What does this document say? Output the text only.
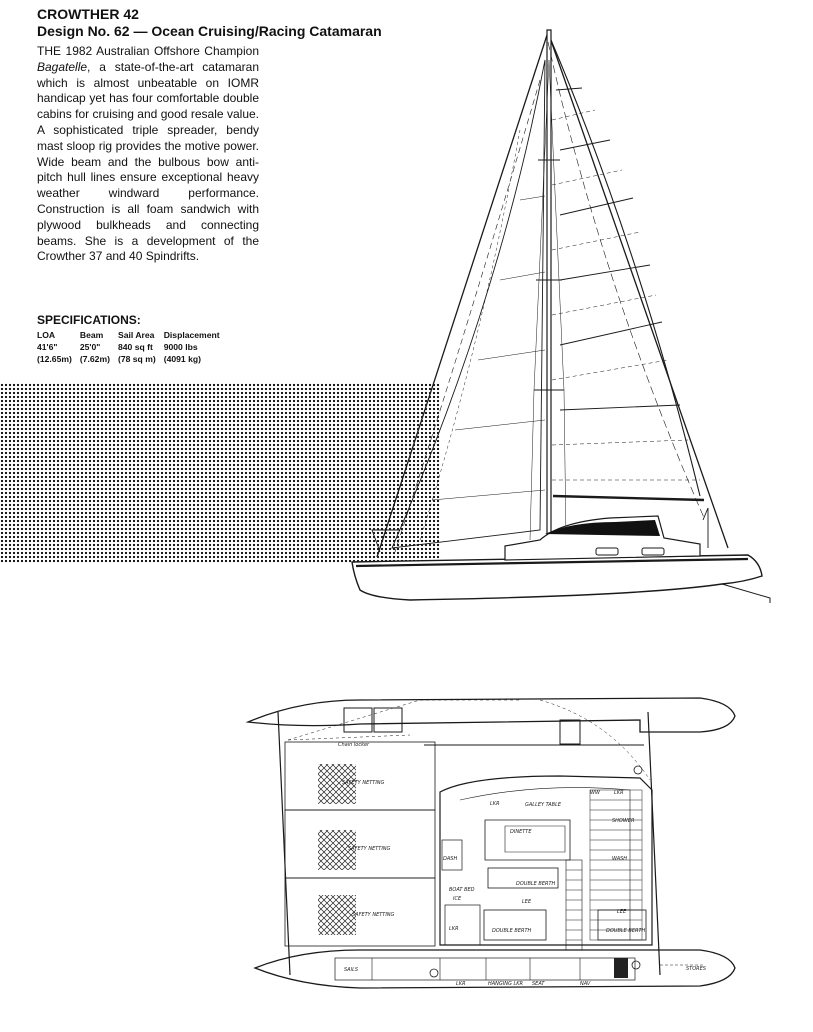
CROWTHER 42

Design No. 62 — Ocean Cruising/Racing Catamaran

THE 1982 Australian Offshore Champion Bagatelle, a state-of-the-art catamaran which is almost unbeatable on IOMR handicap yet has four comfortable double cabins for cruising and good resale value. A sophisticated triple spreader, bendy mast sloop rig provides the motive power. Wide beam and the bulbous bow anti-pitch hull lines ensure exceptional heavy weather windward performance. Construction is all foam sandwich with plywood bulkheads and connecting beams. She is a development of the Crowther 37 and 40 Spindrifts.

SPECIFICATIONS:

LOA	Beam	Sail Area	Displacement
41'6"	25'0"	840 sq ft	9000 lbs
(12.65m)	(7.62m)	(78 sq m)	(4091 kg)
SAFETY NETTING
SAFETY NETTING
SAFETY NETTING
GALLEY TABLE
DINETTE
DOUBLE BERTH
DOUBLE BERTH	DOUBLE BERTH
SAILS
HANGING LKR SEAT	NAV
STORES
Chain locker
WW	LKR
LKR
LKR
LKR
WASH
SHOWER
DASH
BOAT BED
LEE
LEE
ICE
